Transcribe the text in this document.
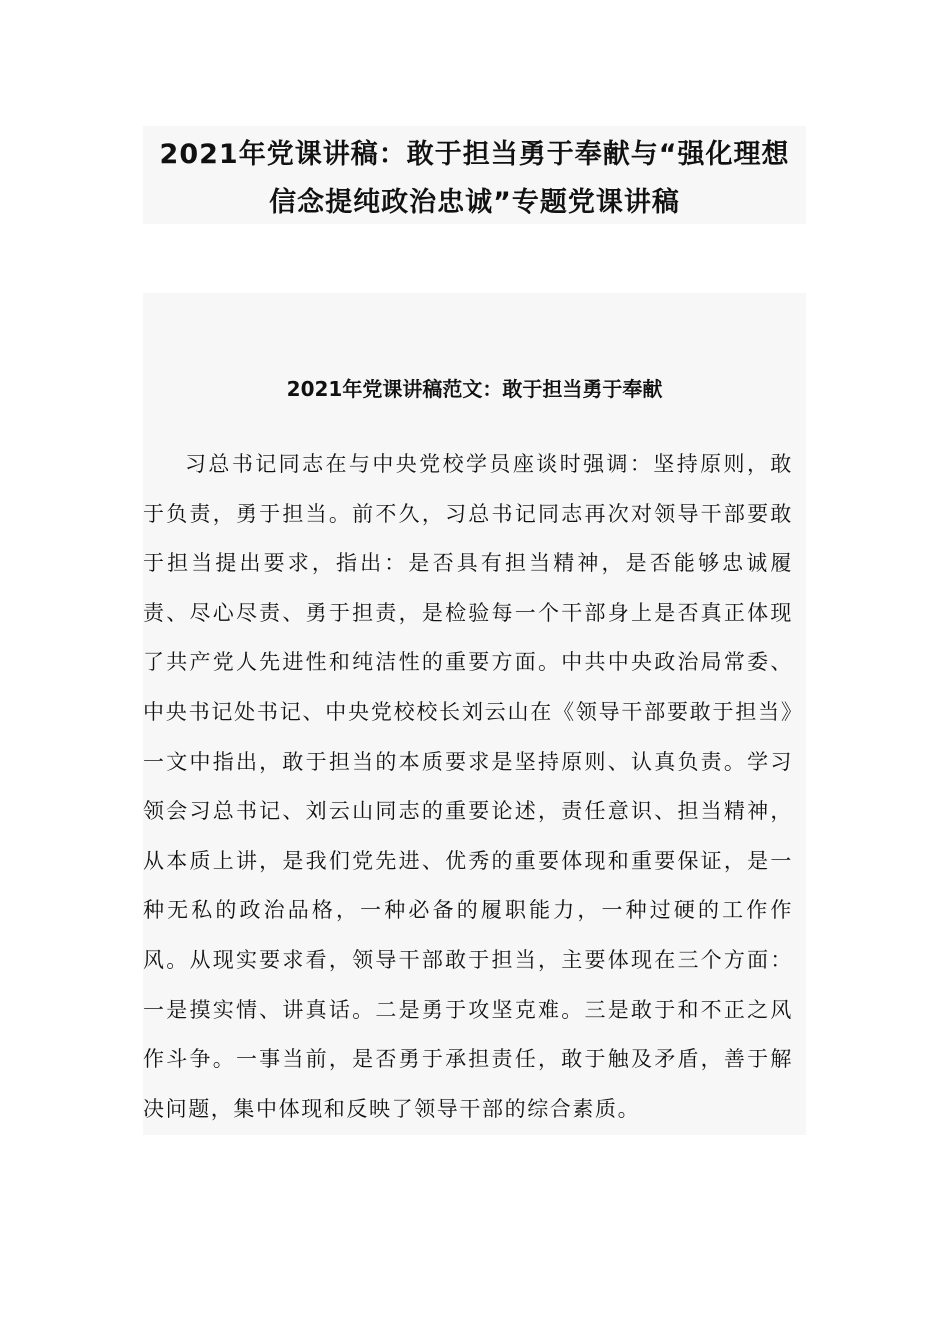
2021年党课讲稿：敢于担当勇于奉献与“强化理想
信念提纯政治忠诚”专题党课讲稿
2021年党课讲稿范文：敢于担当勇于奉献

习总书记同志在与中央党校学员座谈时强调：坚持原则，敢于负责，勇于担当。前不久，习总书记同志再次对领导干部要敢于担当提出要求，指出：是否具有担当精神，是否能够忠诚履责、尽心尽责、勇于担责，是检验每一个干部身上是否真正体现了共产党人先进性和纯洁性的重要方面。中共中央政治局常委、中央书记处书记、中央党校校长刘云山在《领导干部要敢于担当》一文中指出，敢于担当的本质要求是坚持原则、认真负责。学习领会习总书记、刘云山同志的重要论述，责任意识、担当精神，从本质上讲，是我们党先进、优秀的重要体现和重要保证，是一种无私的政治品格，一种必备的履职能力，一种过硬的工作作风。从现实要求看，领导干部敢于担当，主要体现在三个方面：一是摸实情、讲真话。二是勇于攻坚克难。三是敢于和不正之风作斗争。一事当前，是否勇于承担责任，敢于触及矛盾，善于解决问题，集中体现和反映了领导干部的综合素质。
